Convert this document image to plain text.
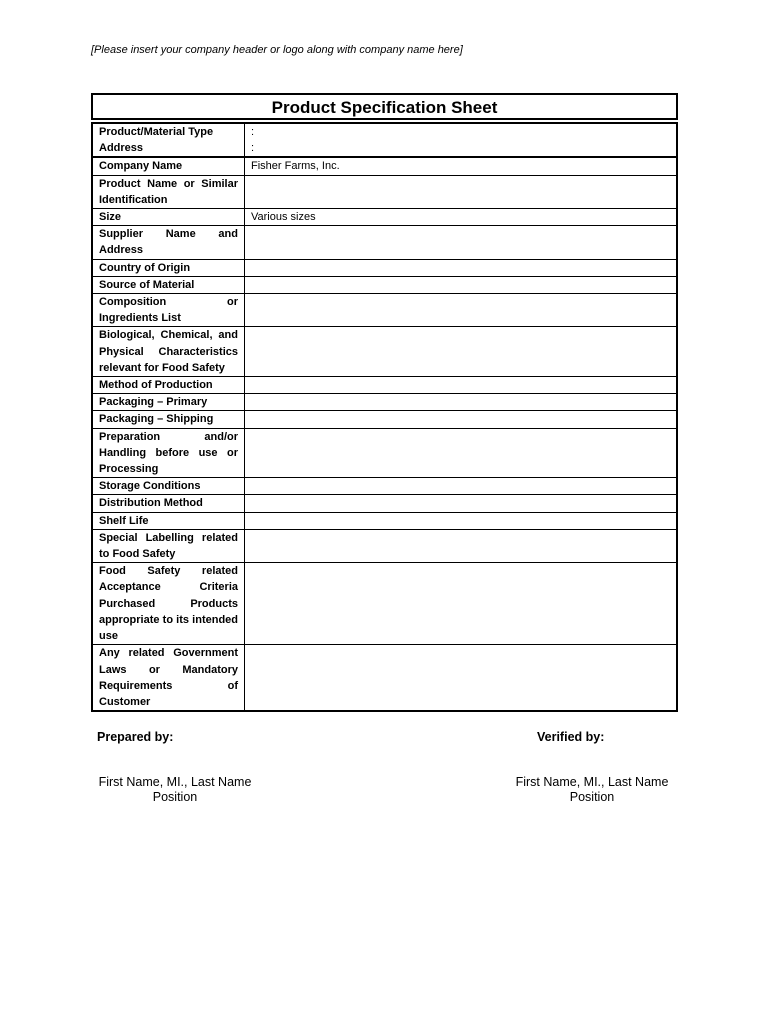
[Please insert your company header or logo along with company name here]
Product Specification Sheet
Product/Material Type	:
Address	:
Company Name	Fisher Farms, Inc.
Product Name or Similar Identification	
Size	Various sizes
Supplier Name and Address	
Country of Origin	
Source of Material	
Composition or Ingredients List	
Biological, Chemical, and Physical Characteristics relevant for Food Safety	
Method of Production	
Packaging – Primary	
Packaging – Shipping	
Preparation and/or Handling before use or Processing	
Storage Conditions	
Distribution Method	
Shelf Life	
Special Labelling related to Food Safety	
Food Safety related Acceptance Criteria Purchased Products appropriate to its intended use	
Any related Government Laws or Mandatory Requirements of Customer	
Prepared by:	Verified by:
First Name, MI., Last Name
Position
First Name, MI., Last Name
Position
